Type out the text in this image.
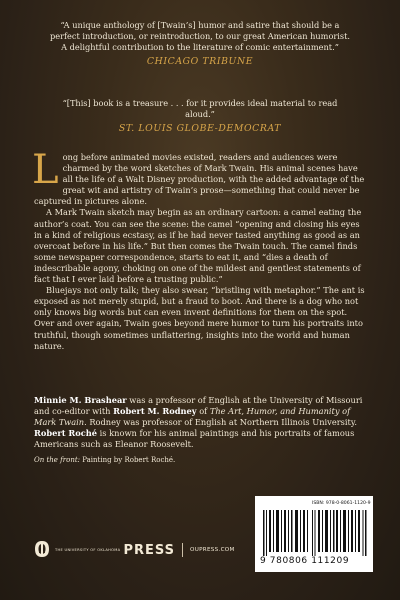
“A unique anthology of [Twain’s] humor and satire that should be a perfect introduction, or reintroduction, to our great American humorist. A delightful contribution to the literature of comic entertainment.”
CHICAGO TRIBUNE
“[This] book is a treasure . . . for it provides ideal material to read aloud.”
ST. LOUIS GLOBE-DEMOCRAT

Long before animated movies existed, readers and audiences were charmed by the word sketches of Mark Twain. His animal scenes have all the life of a Walt Disney production, with the added advantage of the great wit and artistry of Twain’s prose—something that could never be captured in pictures alone.

A Mark Twain sketch may begin as an ordinary cartoon: a camel eating the author’s coat. You can see the scene: the camel “opening and closing his eyes in a kind of religious ecstasy, as if he had never tasted anything as good as an overcoat before in his life.” But then comes the Twain touch. The camel finds some newspaper correspondence, starts to eat it, and “dies a death of indescribable agony, choking on one of the mildest and gentlest statements of fact that I ever laid before a trusting public.”

Bluejays not only talk; they also swear, “bristling with metaphor.” The ant is exposed as not merely stupid, but a fraud to boot. And there is a dog who not only knows big words but can even invent definitions for them on the spot. Over and over again, Twain goes beyond mere humor to turn his portraits into truthful, though sometimes unflattering, insights into the world and human nature.

Minnie M. Brashear was a professor of English at the University of Missouri and co-editor with Robert M. Rodney of The Art, Humor, and Humanity of Mark Twain. Rodney was professor of English at Northern Illinois University. Robert Roché is known for his animal paintings and his portraits of famous Americans such as Eleanor Roosevelt.
On the front: Painting by Robert Roché.
THE UNIVERSITY OF OKLAHOMA PRESS	OUPRESS.COM
ISBN: 978-0-8061-1120-9
9 780806 111209
